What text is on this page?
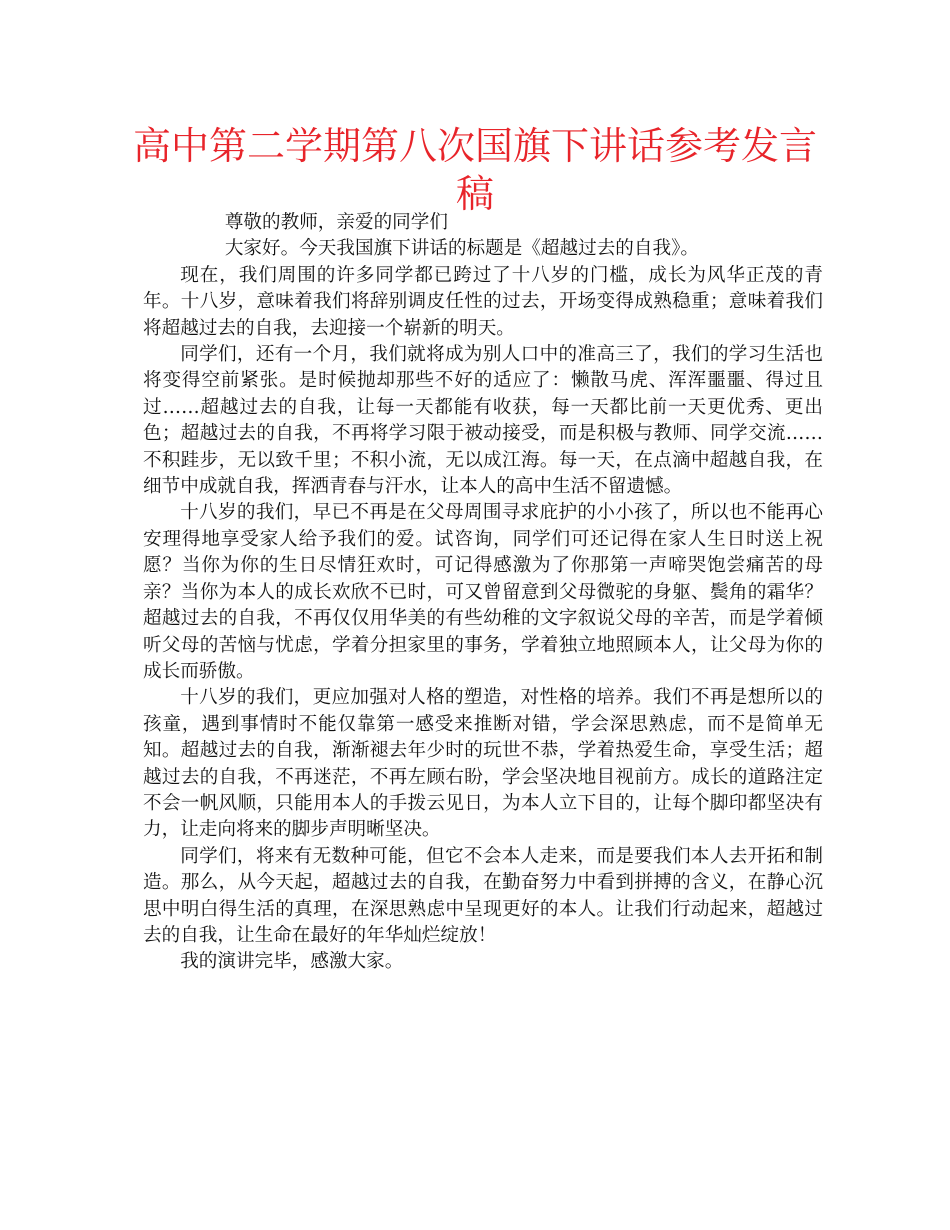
高中第二学期第八次国旗下讲话参考发言稿

尊敬的教师，亲爱的同学们

大家好。今天我国旗下讲话的标题是《超越过去的自我》。

现在，我们周围的许多同学都已跨过了十八岁的门槛，成长为风华正茂的青年。十八岁，意味着我们将辞别调皮任性的过去，开场变得成熟稳重；意味着我们将超越过去的自我，去迎接一个崭新的明天。

同学们，还有一个月，我们就将成为别人口中的准高三了，我们的学习生活也将变得空前紧张。是时候抛却那些不好的适应了：懒散马虎、浑浑噩噩、得过且过……超越过去的自我，让每一天都能有收获，每一天都比前一天更优秀、更出色；超越过去的自我，不再将学习限于被动接受，而是积极与教师、同学交流……不积跬步，无以致千里；不积小流，无以成江海。每一天，在点滴中超越自我，在细节中成就自我，挥洒青春与汗水，让本人的高中生活不留遗憾。

十八岁的我们，早已不再是在父母周围寻求庇护的小小孩了，所以也不能再心安理得地享受家人给予我们的爱。试咨询，同学们可还记得在家人生日时送上祝愿？当你为你的生日尽情狂欢时，可记得感激为了你那第一声啼哭饱尝痛苦的母亲？当你为本人的成长欢欣不已时，可又曾留意到父母微驼的身躯、鬓角的霜华？超越过去的自我，不再仅仅用华美的有些幼稚的文字叙说父母的辛苦，而是学着倾听父母的苦恼与忧虑，学着分担家里的事务，学着独立地照顾本人，让父母为你的成长而骄傲。

十八岁的我们，更应加强对人格的塑造，对性格的培养。我们不再是想所以的孩童，遇到事情时不能仅靠第一感受来推断对错，学会深思熟虑，而不是简单无知。超越过去的自我，渐渐褪去年少时的玩世不恭，学着热爱生命，享受生活；超越过去的自我，不再迷茫，不再左顾右盼，学会坚决地目视前方。成长的道路注定不会一帆风顺，只能用本人的手拨云见日，为本人立下目的，让每个脚印都坚决有力，让走向将来的脚步声明晰坚决。

同学们，将来有无数种可能，但它不会本人走来，而是要我们本人去开拓和制造。那么，从今天起，超越过去的自我，在勤奋努力中看到拼搏的含义，在静心沉思中明白得生活的真理，在深思熟虑中呈现更好的本人。让我们行动起来，超越过去的自我，让生命在最好的年华灿烂绽放！

我的演讲完毕，感激大家。
